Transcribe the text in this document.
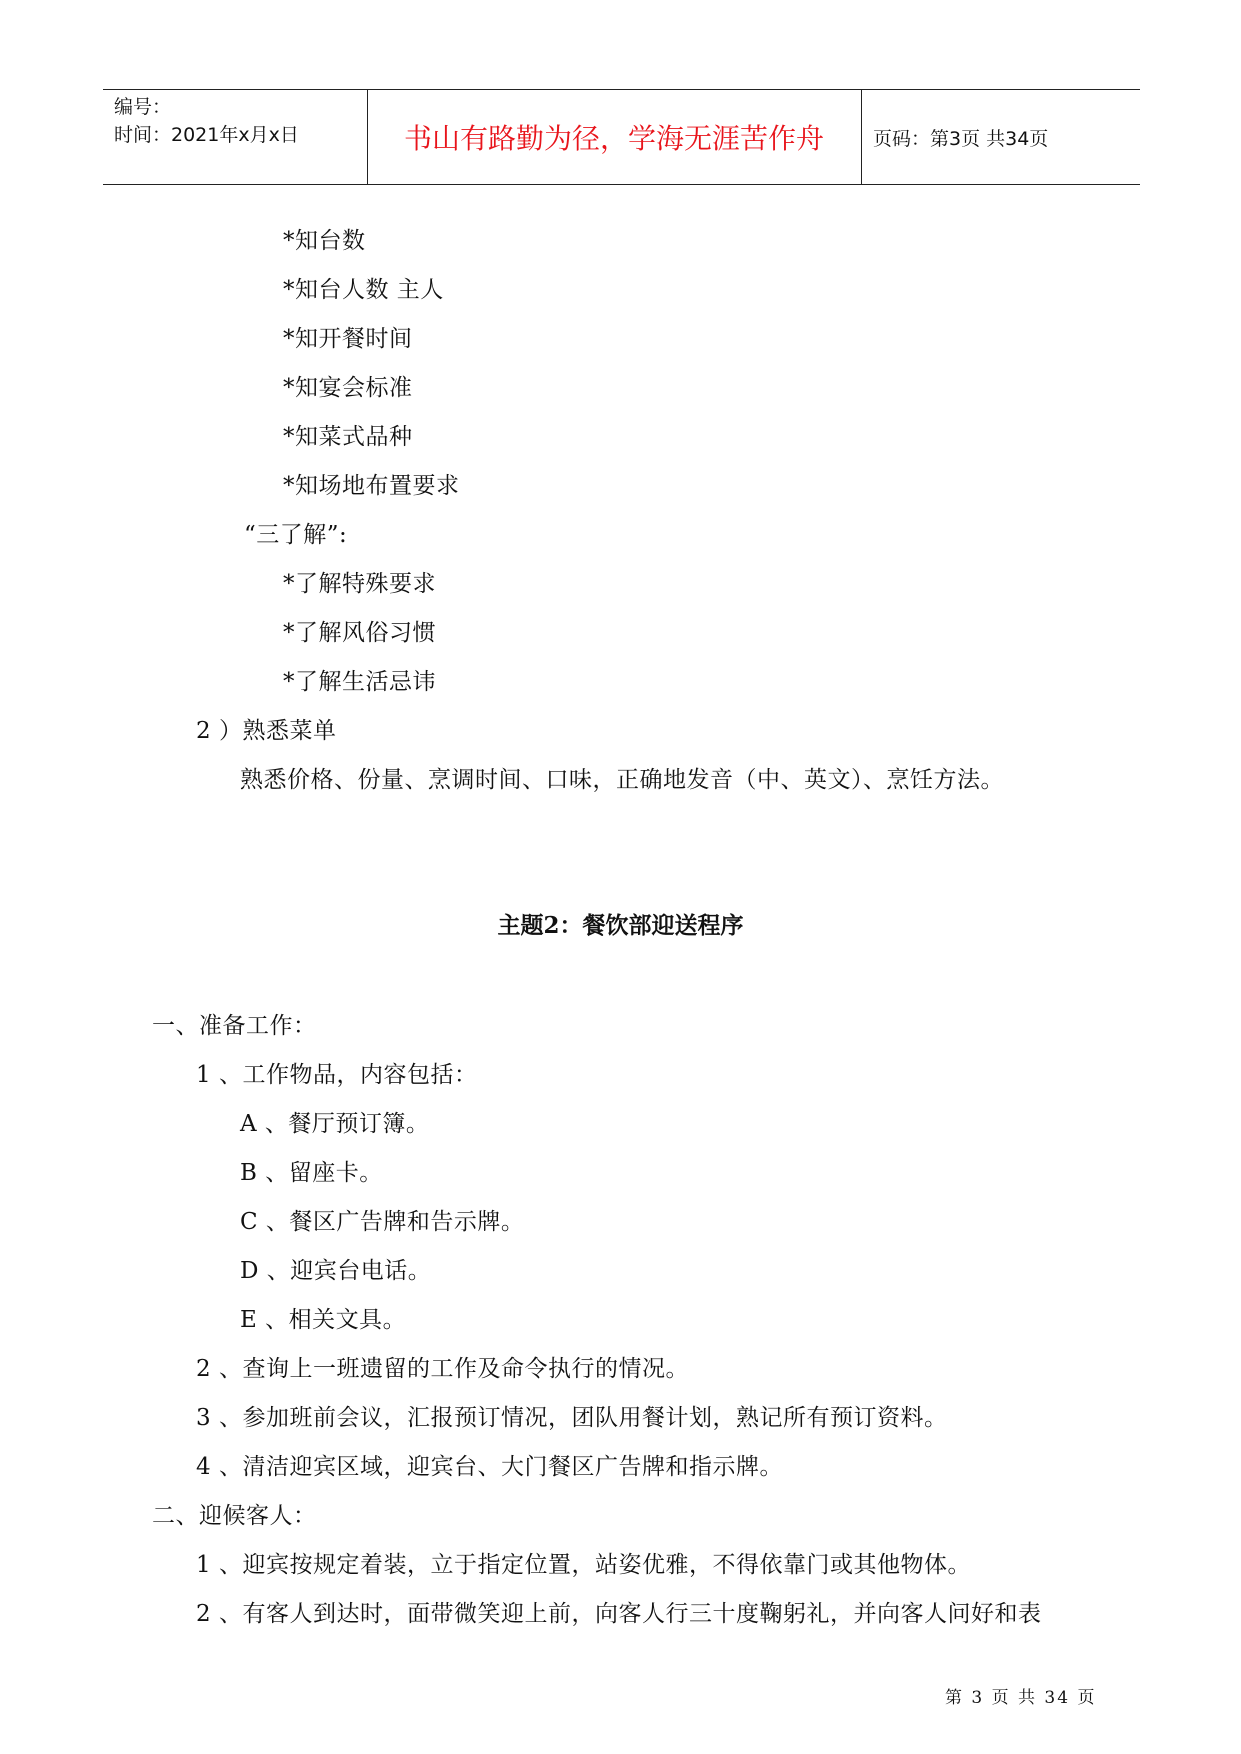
编号：
时间：2021年x月x日	书山有路勤为径，学海无涯苦作舟	页码：第3页 共34页
*知台数
*知台人数 主人
*知开餐时间
*知宴会标准
*知菜式品种
*知场地布置要求
“三了解”:
*了解特殊要求
*了解风俗习惯
*了解生活忌讳
2 ）熟悉菜单
熟悉价格、份量、烹调时间、口味，正确地发音（中、英文）、烹饪方法。
主题2：餐饮部迎送程序
一、准备工作：
1 、工作物品，内容包括：
A 、餐厅预订簿。
B 、留座卡。
C 、餐区广告牌和告示牌。
D 、迎宾台电话。
E 、相关文具。
2 、查询上一班遗留的工作及命令执行的情况。
3 、参加班前会议，汇报预订情况，团队用餐计划，熟记所有预订资料。
4 、清洁迎宾区域，迎宾台、大门餐区广告牌和指示牌。
二、迎候客人：
1 、迎宾按规定着装，立于指定位置，站姿优雅，不得依靠门或其他物体。
2 、有客人到达时，面带微笑迎上前，向客人行三十度鞠躬礼，并向客人问好和表
第 3 页 共 34 页
